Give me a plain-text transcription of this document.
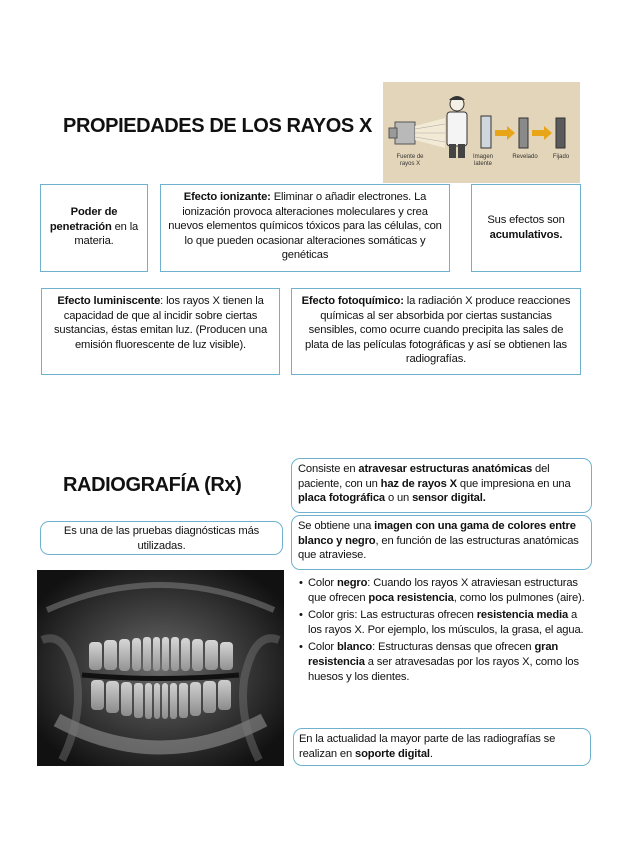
PROPIEDADES DE LOS RAYOS X
Fuente de rayos X
Imagen latente
Revelado	Fijado
Poder de penetración en la materia.
Efecto ionizante: Eliminar o añadir electrones. La ionización provoca alteraciones moleculares y crea nuevos elementos químicos tóxicos para las células, con lo que pueden ocasionar alteraciones somáticas y genéticas
Sus efectos son acumulativos.
Efecto luminiscente: los rayos X tienen la capacidad de que al incidir sobre ciertas sustancias, éstas emitan luz. (Producen una emisión fluorescente de luz visible).
Efecto fotoquímico: la radiación X produce reacciones químicas al ser absorbida por ciertas sustancias sensibles, como ocurre cuando precipita las sales de plata de las películas fotográficas y así se obtienen las radiografías.
RADIOGRAFÍA (Rx)
Es una de las pruebas diagnósticas más utilizadas.
Consiste en atravesar estructuras anatómicas del paciente, con un haz de rayos X que impresiona en una placa fotográfica o un sensor digital.
Se obtiene una imagen con una gama de colores entre blanco y negro, en función de las estructuras anatómicas que atraviese.
• Color negro: Cuando los rayos X atraviesan estructuras que ofrecen poca resistencia, como los pulmones (aire).
• Color gris: Las estructuras ofrecen resistencia media a los rayos X. Por ejemplo, los músculos, la grasa, el agua.
• Color blanco: Estructuras densas que ofrecen gran resistencia a ser atravesadas por los rayos X, como los huesos y los dientes.
En la actualidad la mayor parte de las radiografías se realizan en soporte digital.
